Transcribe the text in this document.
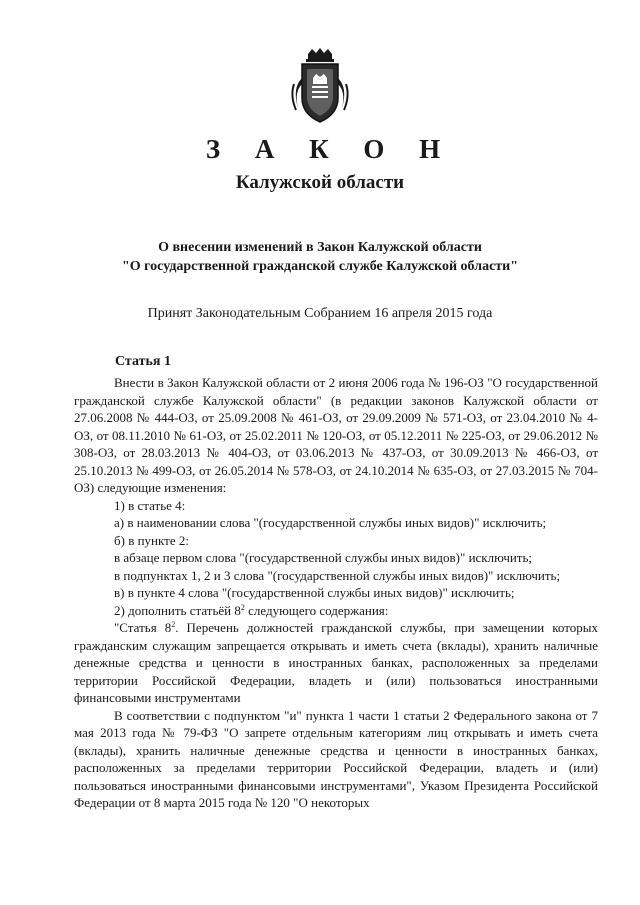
З А К О Н
Калужской области
О внесении изменений в Закон Калужской области
"О государственной гражданской службе Калужской области"
Принят Законодательным Собранием 16 апреля 2015 года
Статья 1

Внести в Закон Калужской области от 2 июня 2006 года № 196-ОЗ "О государственной гражданской службе Калужской области" (в редакции законов Калужской области от 27.06.2008 № 444-ОЗ, от 25.09.2008 № 461-ОЗ, от 29.09.2009 № 571-ОЗ, от 23.04.2010 № 4-ОЗ, от 08.11.2010 № 61-ОЗ, от 25.02.2011 № 120-ОЗ, от 05.12.2011 № 225-ОЗ, от 29.06.2012 № 308-ОЗ, от 28.03.2013 № 404-ОЗ, от 03.06.2013 № 437-ОЗ, от 30.09.2013 № 466-ОЗ, от 25.10.2013 № 499-ОЗ, от 26.05.2014 № 578-ОЗ, от 24.10.2014 № 635-ОЗ, от 27.03.2015 № 704-ОЗ) следующие изменения:

1) в статье 4:

а) в наименовании слова "(государственной службы иных видов)" исключить;

б) в пункте 2:

в абзаце первом слова "(государственной службы иных видов)" исключить;

в подпунктах 1, 2 и 3 слова "(государственной службы иных видов)" исключить;

в) в пункте 4 слова "(государственной службы иных видов)" исключить;

2) дополнить статьёй $8^2$ следующего содержания:

"Статья $8^2$. Перечень должностей гражданской службы, при замещении которых гражданским служащим запрещается открывать и иметь счета (вклады), хранить наличные денежные средства и ценности в иностранных банках, расположенных за пределами территории Российской Федерации, владеть и (или) пользоваться иностранными финансовыми инструментами

В соответствии с подпунктом "и" пункта 1 части 1 статьи 2 Федерального закона от 7 мая 2013 года № 79-ФЗ "О запрете отдельным категориям лиц открывать и иметь счета (вклады), хранить наличные денежные средства и ценности в иностранных банках, расположенных за пределами территории Российской Федерации, владеть и (или) пользоваться иностранными финансовыми инструментами", Указом Президента Российской Федерации от 8 марта 2015 года № 120 "О некоторых
